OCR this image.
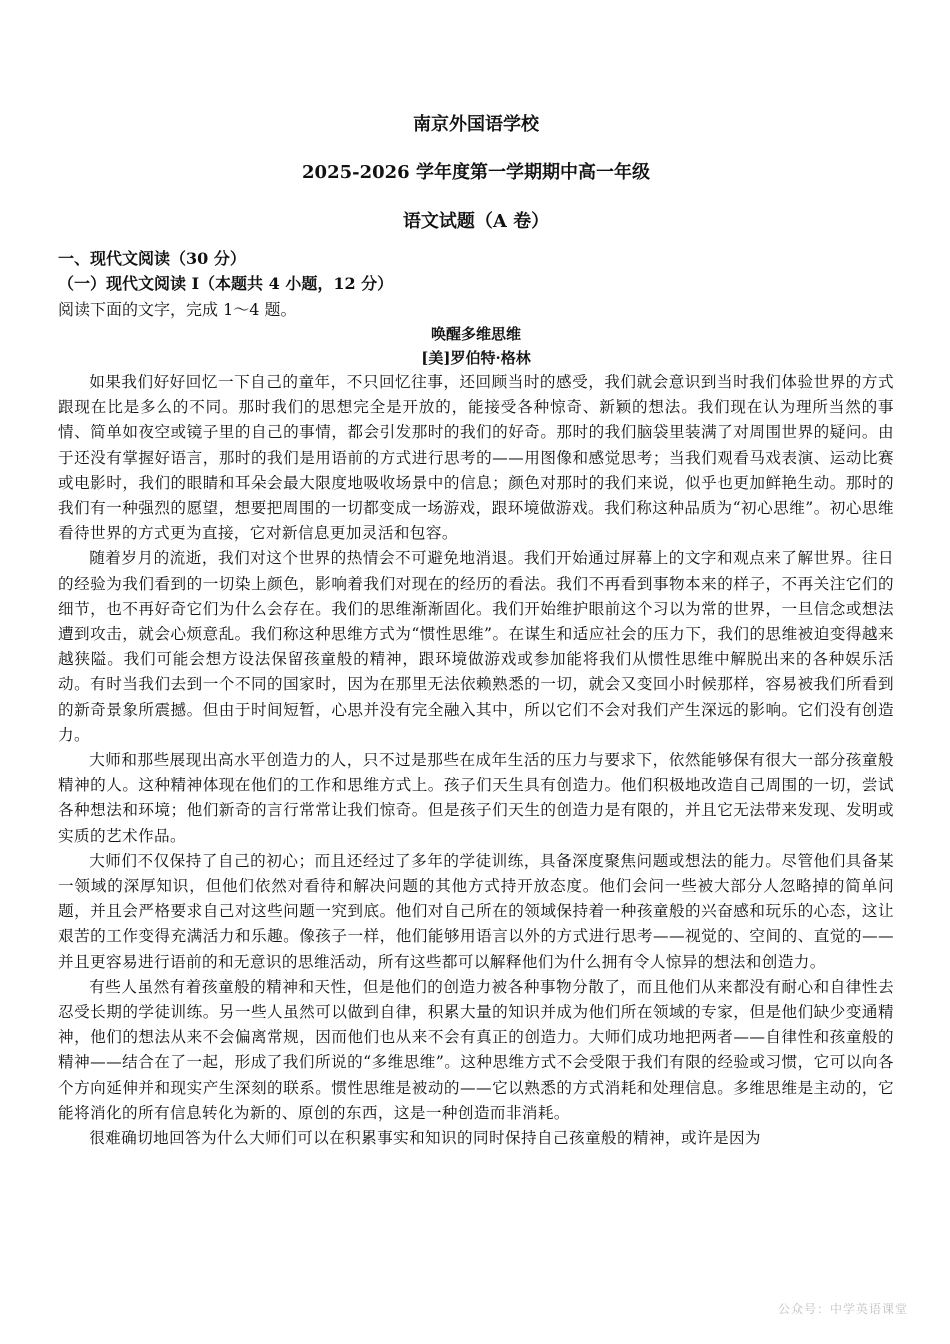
南京外国语学校
2025-2026 学年度第一学期期中高一年级
语文试题（A 卷）
一、现代文阅读（30 分）
（一）现代文阅读 I（本题共 4 小题，12 分）
阅读下面的文字，完成 1～4 题。
唤醒多维思维
[美]罗伯特·格林

如果我们好好回忆一下自己的童年，不只回忆往事，还回顾当时的感受，我们就会意识到当时我们体验世界的方式跟现在比是多么的不同。那时我们的思想完全是开放的，能接受各种惊奇、新颖的想法。我们现在认为理所当然的事情、简单如夜空或镜子里的自己的事情，都会引发那时的我们的好奇。那时的我们脑袋里装满了对周围世界的疑问。由于还没有掌握好语言，那时的我们是用语前的方式进行思考的——用图像和感觉思考；当我们观看马戏表演、运动比赛或电影时，我们的眼睛和耳朵会最大限度地吸收场景中的信息；颜色对那时的我们来说，似乎也更加鲜艳生动。那时的我们有一种强烈的愿望，想要把周围的一切都变成一场游戏，跟环境做游戏。我们称这种品质为“初心思维”。初心思维看待世界的方式更为直接，它对新信息更加灵活和包容。

随着岁月的流逝，我们对这个世界的热情会不可避免地消退。我们开始通过屏幕上的文字和观点来了解世界。往日的经验为我们看到的一切染上颜色，影响着我们对现在的经历的看法。我们不再看到事物本来的样子，不再关注它们的细节，也不再好奇它们为什么会存在。我们的思维渐渐固化。我们开始维护眼前这个习以为常的世界，一旦信念或想法遭到攻击，就会心烦意乱。我们称这种思维方式为“惯性思维”。在谋生和适应社会的压力下，我们的思维被迫变得越来越狭隘。我们可能会想方设法保留孩童般的精神，跟环境做游戏或参加能将我们从惯性思维中解脱出来的各种娱乐活动。有时当我们去到一个不同的国家时，因为在那里无法依赖熟悉的一切，就会又变回小时候那样，容易被我们所看到的新奇景象所震撼。但由于时间短暂，心思并没有完全融入其中，所以它们不会对我们产生深远的影响。它们没有创造力。

大师和那些展现出高水平创造力的人，只不过是那些在成年生活的压力与要求下，依然能够保有很大一部分孩童般精神的人。这种精神体现在他们的工作和思维方式上。孩子们天生具有创造力。他们积极地改造自己周围的一切，尝试各种想法和环境；他们新奇的言行常常让我们惊奇。但是孩子们天生的创造力是有限的，并且它无法带来发现、发明或实质的艺术作品。

大师们不仅保持了自己的初心；而且还经过了多年的学徒训练，具备深度聚焦问题或想法的能力。尽管他们具备某一领域的深厚知识，但他们依然对看待和解决问题的其他方式持开放态度。他们会问一些被大部分人忽略掉的简单问题，并且会严格要求自己对这些问题一究到底。他们对自己所在的领域保持着一种孩童般的兴奋感和玩乐的心态，这让艰苦的工作变得充满活力和乐趣。像孩子一样，他们能够用语言以外的方式进行思考——视觉的、空间的、直觉的——并且更容易进行语前的和无意识的思维活动，所有这些都可以解释他们为什么拥有令人惊异的想法和创造力。

有些人虽然有着孩童般的精神和天性，但是他们的创造力被各种事物分散了，而且他们从来都没有耐心和自律性去忍受长期的学徒训练。另一些人虽然可以做到自律，积累大量的知识并成为他们所在领域的专家，但是他们缺少变通精神，他们的想法从来不会偏离常规，因而他们也从来不会有真正的创造力。大师们成功地把两者——自律性和孩童般的精神——结合在了一起，形成了我们所说的“多维思维”。这种思维方式不会受限于我们有限的经验或习惯，它可以向各个方向延伸并和现实产生深刻的联系。惯性思维是被动的——它以熟悉的方式消耗和处理信息。多维思维是主动的，它能将消化的所有信息转化为新的、原创的东西，这是一种创造而非消耗。

很难确切地回答为什么大师们可以在积累事实和知识的同时保持自己孩童般的精神，或许是因为

公众号：中学英语课堂
